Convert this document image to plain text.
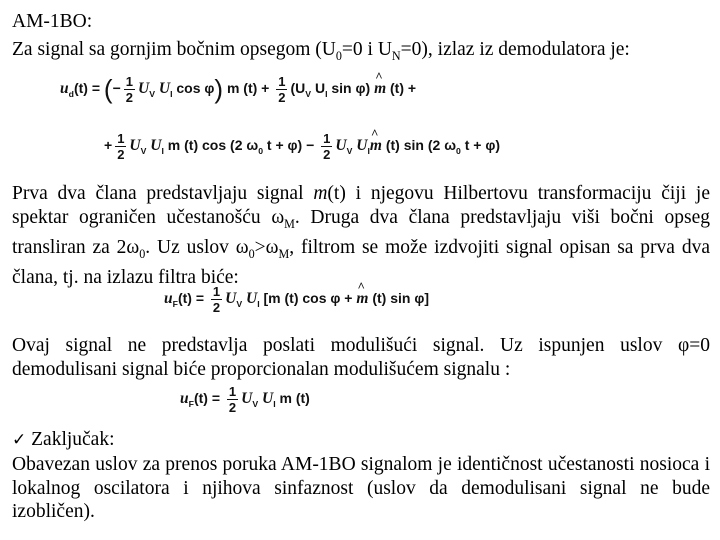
AM-1BO:
Za signal sa gornjim bočnim opsegom ($U_0=0$ i $U_N=0$), izlaz iz demodulatora je:
$u_d(t)$ = (− $\frac{1}{2} U_V$ $U_I$ cos φ) m $(t) + \frac{1}{2} (U_V$ $U_I$ sin φ) ^ m (t) +
+ $\frac{1}{2} U_V$ $U_I$ m (t) cos (2 $\omega_0$ $t + \varphi) - \frac{1}{2} U_V$ $U_I\^{}$ m (t) sin (2 $\omega_0$ t + φ)
Prva dva člana predstavljaju signal m(t) i njegovu Hilbertovu transformaciju čiji je spektar ograničen učestanošću $\omega_M$. Druga dva člana predstavljaju viši bočni opseg transliran za $2\omega_0$. Uz uslov $\omega_0>\omega_M$, filtrom se može izdvojiti signal opisan sa prva dva člana, tj. na izlazu filtra biće:
$u_F(t) = \frac{1}{2} U_V$ $U_I$ [m (t) cos φ + ^ m (t) sin φ]
Ovaj signal ne predstavlja poslati modulišući signal. Uz ispunjen uslov φ=0 demodulisani signal biće proporcionalan modulišućem signalu :
$u_F(t) = \frac{1}{2} U_V$ $U_I$ m (t)
✓ Zaključak:
Obavezan uslov za prenos poruka AM-1BO signalom je identičnost učestanosti nosioca i lokalnog oscilatora i njihova sinfaznost (uslov da demodulisani signal ne bude izobličen).
